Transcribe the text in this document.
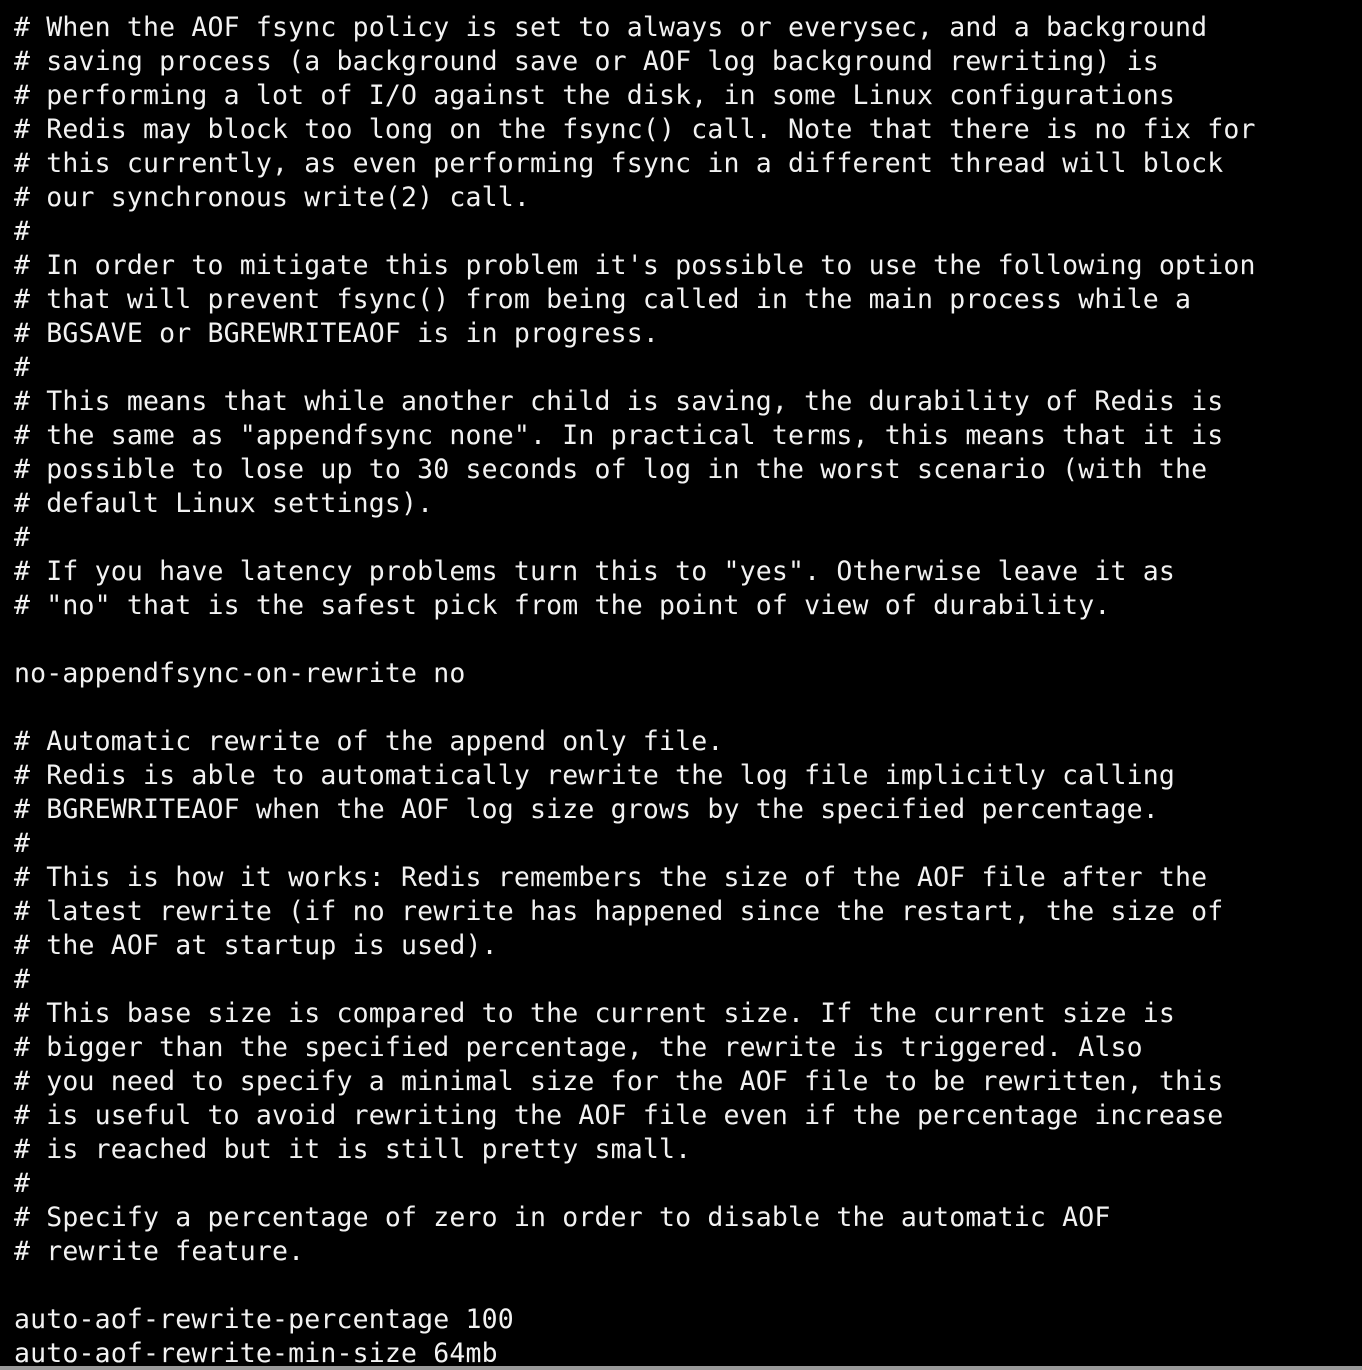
# When the AOF fsync policy is set to always or everysec, and a background
# saving process (a background save or AOF log background rewriting) is
# performing a lot of I/O against the disk, in some Linux configurations
# Redis may block too long on the fsync() call. Note that there is no fix for
# this currently, as even performing fsync in a different thread will block
# our synchronous write(2) call.
#
# In order to mitigate this problem it's possible to use the following option
# that will prevent fsync() from being called in the main process while a
# BGSAVE or BGREWRITEAOF is in progress.
#
# This means that while another child is saving, the durability of Redis is
# the same as "appendfsync none". In practical terms, this means that it is
# possible to lose up to 30 seconds of log in the worst scenario (with the
# default Linux settings).
#
# If you have latency problems turn this to "yes". Otherwise leave it as
# "no" that is the safest pick from the point of view of durability.
no-appendfsync-on-rewrite no
# Automatic rewrite of the append only file.
# Redis is able to automatically rewrite the log file implicitly calling
# BGREWRITEAOF when the AOF log size grows by the specified percentage.
#
# This is how it works: Redis remembers the size of the AOF file after the
# latest rewrite (if no rewrite has happened since the restart, the size of
# the AOF at startup is used).
#
# This base size is compared to the current size. If the current size is
# bigger than the specified percentage, the rewrite is triggered. Also
# you need to specify a minimal size for the AOF file to be rewritten, this
# is useful to avoid rewriting the AOF file even if the percentage increase
# is reached but it is still pretty small.
#
# Specify a percentage of zero in order to disable the automatic AOF
# rewrite feature.
auto-aof-rewrite-percentage 100
auto-aof-rewrite-min-size 64mb
